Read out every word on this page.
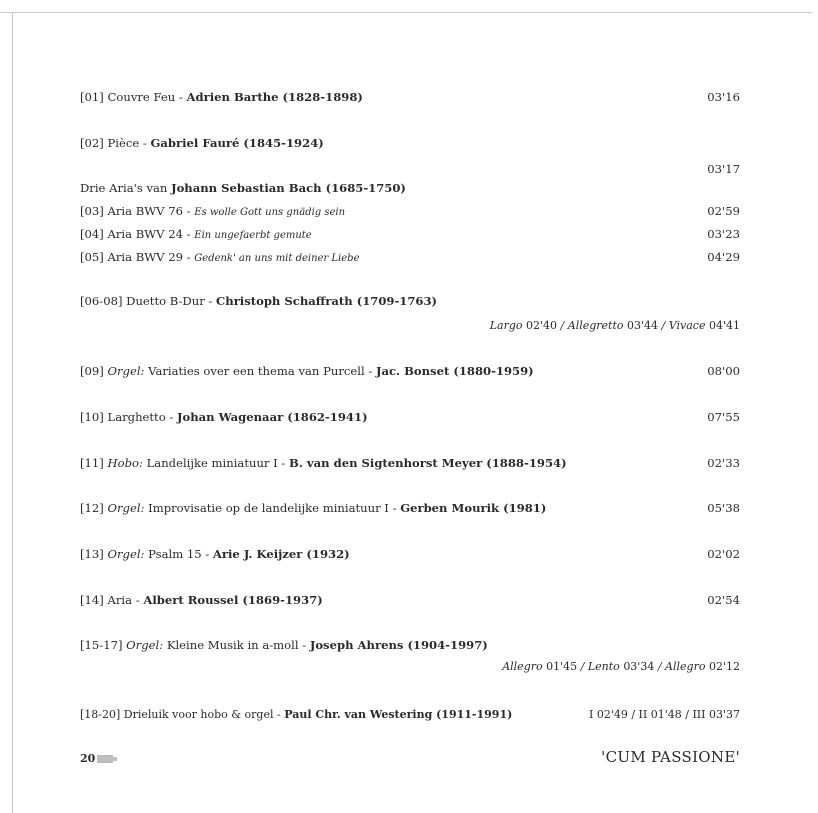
[01] Couvre Feu - Adrien Barthe (1828-1898)	03'16
[02] Pièce - Gabriel Fauré (1845-1924)
03'17
Drie Aria's van Johann Sebastian Bach (1685-1750)
[03] Aria BWV 76 - Es wolle Gott uns gnädig sein	02'59
[04] Aria BWV 24 - Ein ungefaerbt gemute	03'23
[05] Aria BWV 29 - Gedenk' an uns mit deiner Liebe	04'29
[06-08] Duetto B-Dur - Christoph Schaffrath (1709-1763)
Largo 02'40 / Allegretto 03'44 / Vivace 04'41
[09] Orgel: Variaties over een thema van Purcell - Jac. Bonset (1880-1959)	08'00
[10] Larghetto - Johan Wagenaar (1862-1941)	07'55
[11] Hobo: Landelijke miniatuur I - B. van den Sigtenhorst Meyer (1888-1954)	02'33
[12] Orgel: Improvisatie op de landelijke miniatuur I - Gerben Mourik (1981)	05'38
[13] Orgel: Psalm 15 - Arie J. Keijzer (1932)	02'02
[14] Aria - Albert Roussel (1869-1937)	02'54
[15-17] Orgel: Kleine Musik in a-moll - Joseph Ahrens (1904-1997)
Allegro 01'45 / Lento 03'34 / Allegro 02'12
[18-20] Drieluik voor hobo & orgel - Paul Chr. van Westering (1911-1991)	I 02'49 / II 01'48 / III 03'37
20	'CUM PASSIONE'
